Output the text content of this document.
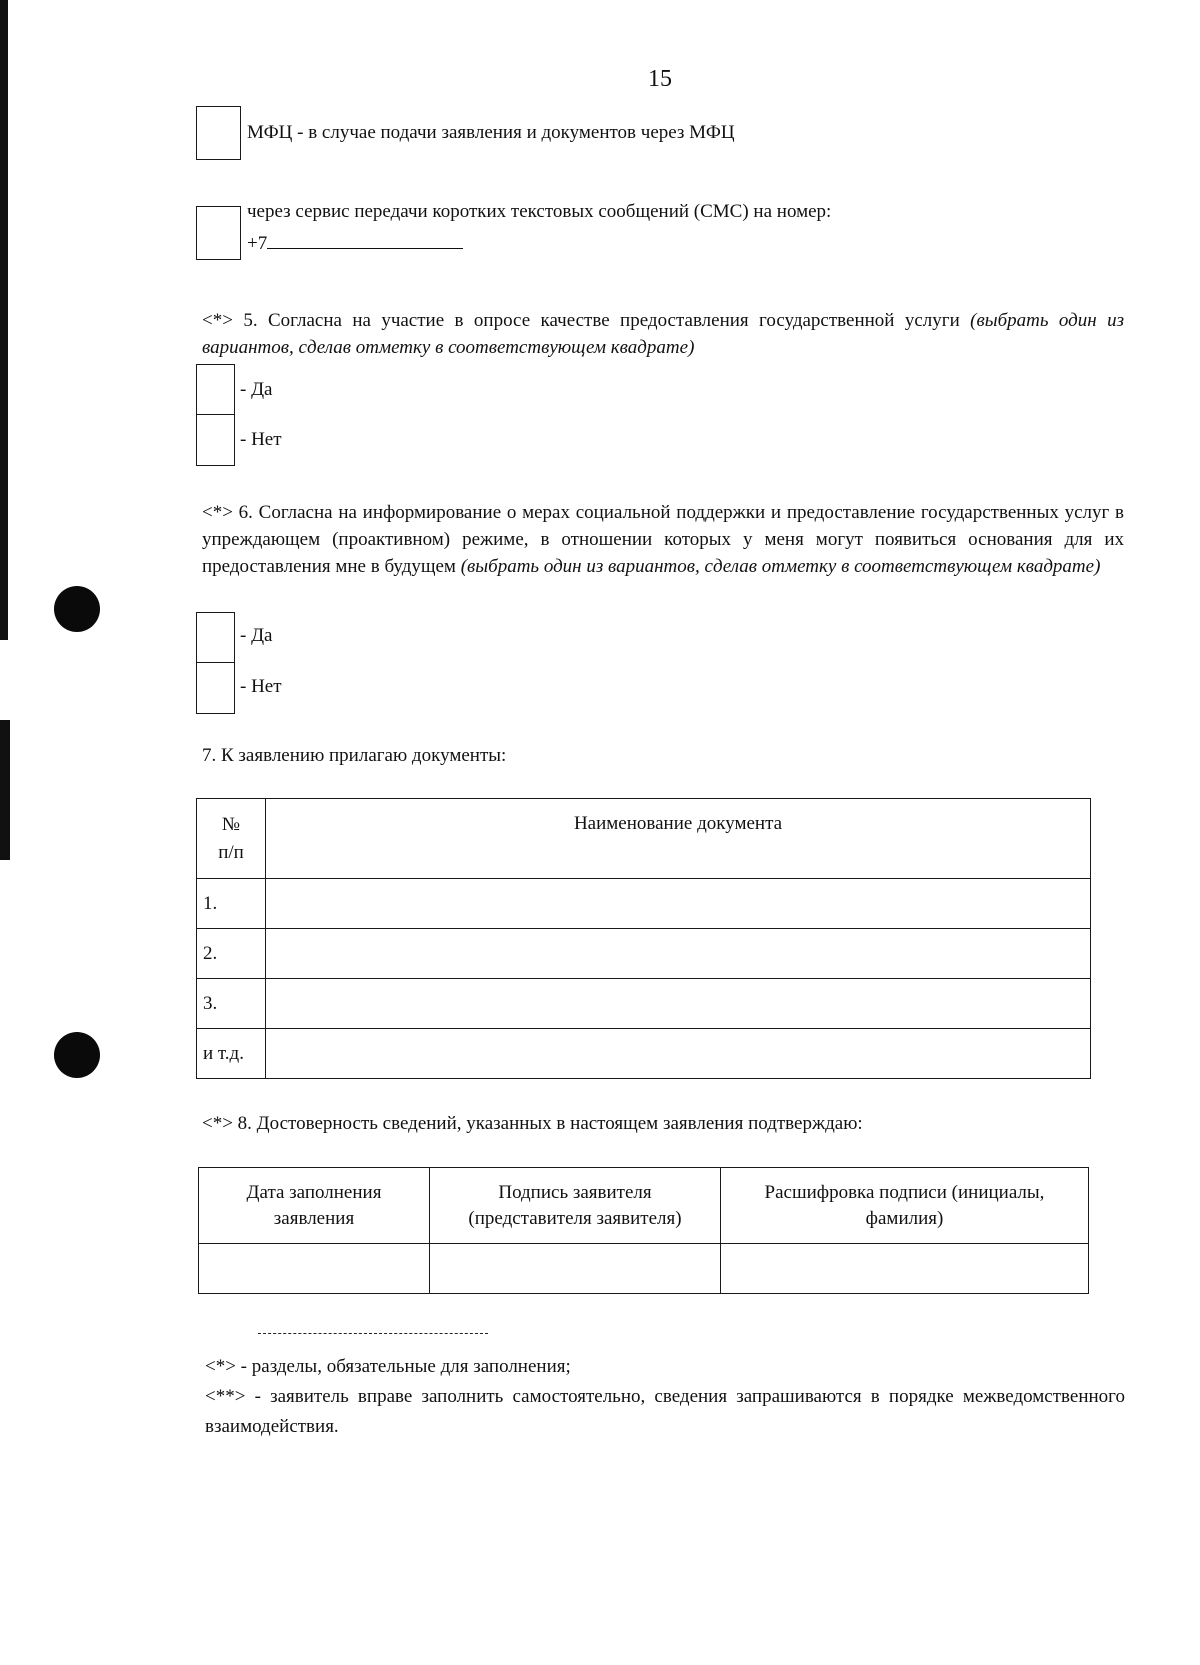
15
МФЦ - в случае подачи заявления и документов через МФЦ
через сервис передачи коротких текстовых сообщений (СМС) на номер:
+7
<*> 5. Согласна на участие в опросе качестве предоставления государственной услуги (выбрать один из вариантов, сделав отметку в соответствующем квадрате)
- Да
- Нет
<*> 6. Согласна на информирование о мерах социальной поддержки и предоставление государственных услуг в упреждающем (проактивном) режиме, в отношении которых у меня могут появиться основания для их предоставления мне в будущем (выбрать один из вариантов, сделав отметку в соответствующем квадрате)
- Да
- Нет
7. К заявлению прилагаю документы:
№
п/п	Наименование документа
1.	
2.	
3.	
и т.д.	
<*> 8. Достоверность сведений, указанных в настоящем заявления подтверждаю:
Дата заполнения заявления	Подпись заявителя (представителя заявителя)	Расшифровка подписи (инициалы, фамилия)

<*> - разделы, обязательные для заполнения;
<**> - заявитель вправе заполнить самостоятельно, сведения запрашиваются в порядке межведомственного взаимодействия.
